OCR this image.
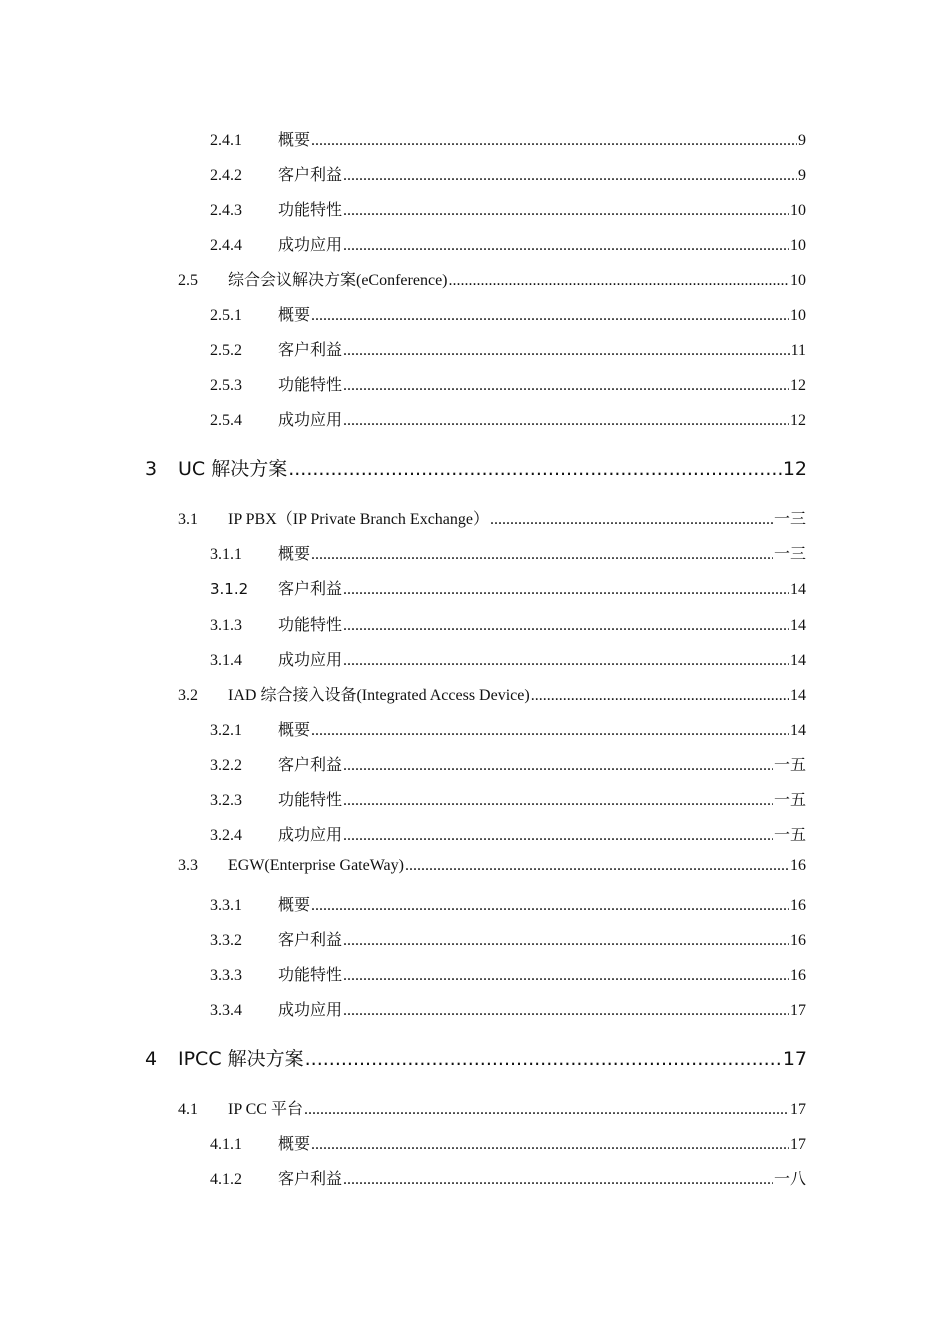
2.4.1	概要 .....	9
2.4.2	客户利益 .....	9
2.4.3	功能特性 .....	10
2.4.4	成功应用 .....	10
2.5	综合会议解决方案(eConference) .....	10
2.5.1	概要 .....	10
2.5.2	客户利益 .....	11
2.5.3	功能特性 .....	12
2.5.4	成功应用 .....	12
3	UC 解决方案 .....	12
3.1	IP PBX（IP Private Branch Exchange） .....	一三
3.1.1	概要 .....	一三
3.1.2	客户利益 .....	14
3.1.3	功能特性 .....	14
3.1.4	成功应用 .....	14
3.2	IAD 综合接入设备(Integrated Access Device) .....	14
3.2.1	概要 .....	14
3.2.2	客户利益 .....	一五
3.2.3	功能特性 .....	一五
3.2.4	成功应用 .....	一五
3.3	EGW(Enterprise GateWay) .....	16
3.3.1	概要 .....	16
3.3.2	客户利益 .....	16
3.3.3	功能特性 .....	16
3.3.4	成功应用 .....	17
4	IPCC 解决方案 .....	17
4.1	IP CC 平台 .....	17
4.1.1	概要 .....	17
4.1.2	客户利益 .....	一八
